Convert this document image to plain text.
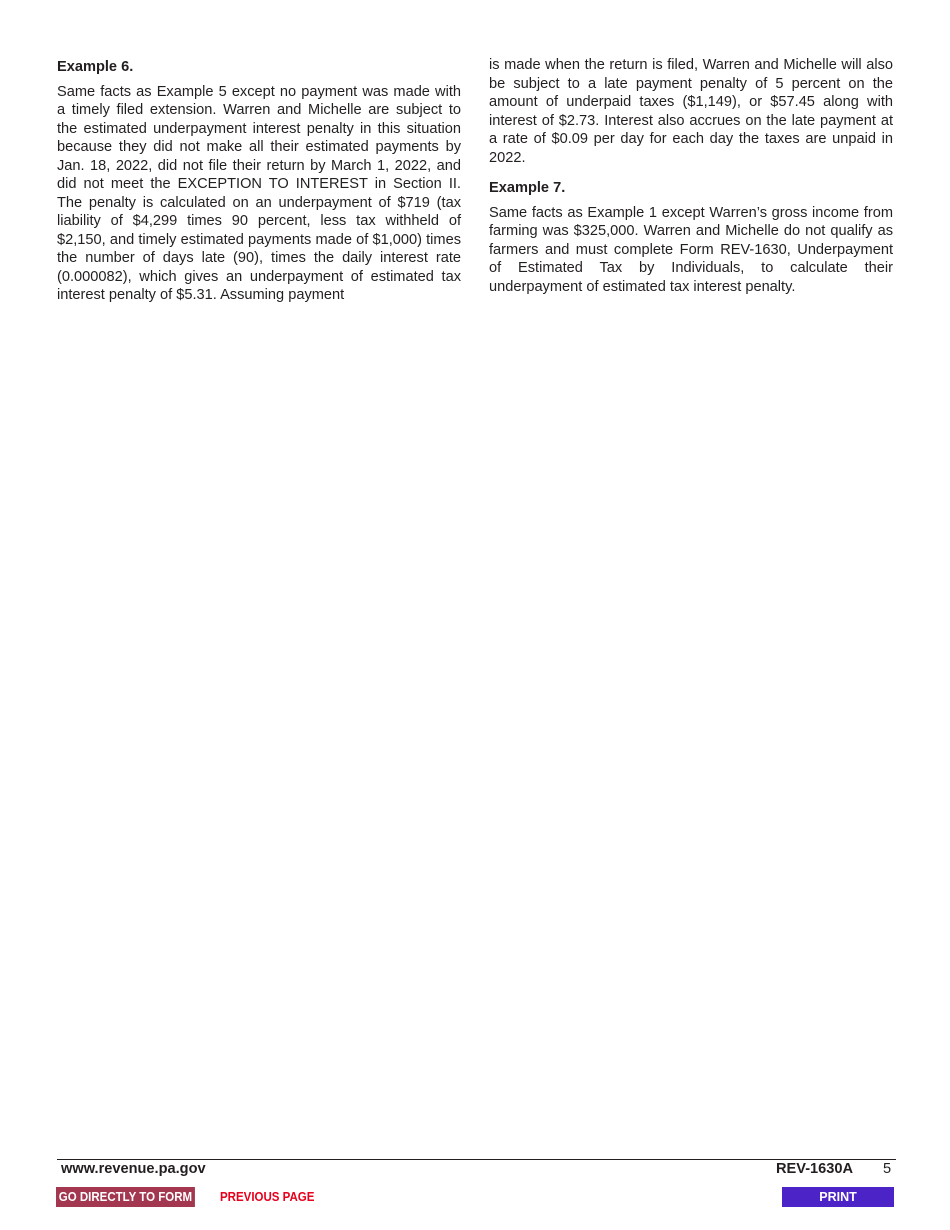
Example 6.

Same facts as Example 5 except no payment was made with a timely filed extension. Warren and Michelle are subject to the estimated underpayment interest penalty in this situation because they did not make all their estimated payments by Jan. 18, 2022, did not file their return by March 1, 2022, and did not meet the EXCEPTION TO INTEREST in Section II. The penalty is calculated on an underpayment of $719 (tax liability of $4,299 times 90 percent, less tax withheld of $2,150, and timely estimated payments made of $1,000) times the number of days late (90), times the daily interest rate (0.000082), which gives an underpayment of estimated tax interest penalty of $5.31. Assuming payment

is made when the return is filed, Warren and Michelle will also be subject to a late payment penalty of 5 percent on the amount of underpaid taxes ($1,149), or $57.45 along with interest of $2.73. Interest also accrues on the late payment at a rate of $0.09 per day for each day the taxes are unpaid in 2022.

Example 7.

Same facts as Example 1 except Warren’s gross income from farming was $325,000. Warren and Michelle do not qualify as farmers and must complete Form REV-1630, Underpayment of Estimated Tax by Individuals, to calculate their underpayment of estimated tax interest penalty.

www.revenue.pa.gov	REV-1630A 5
GO DIRECTLY TO FORM PREVIOUS PAGE	PRINT
